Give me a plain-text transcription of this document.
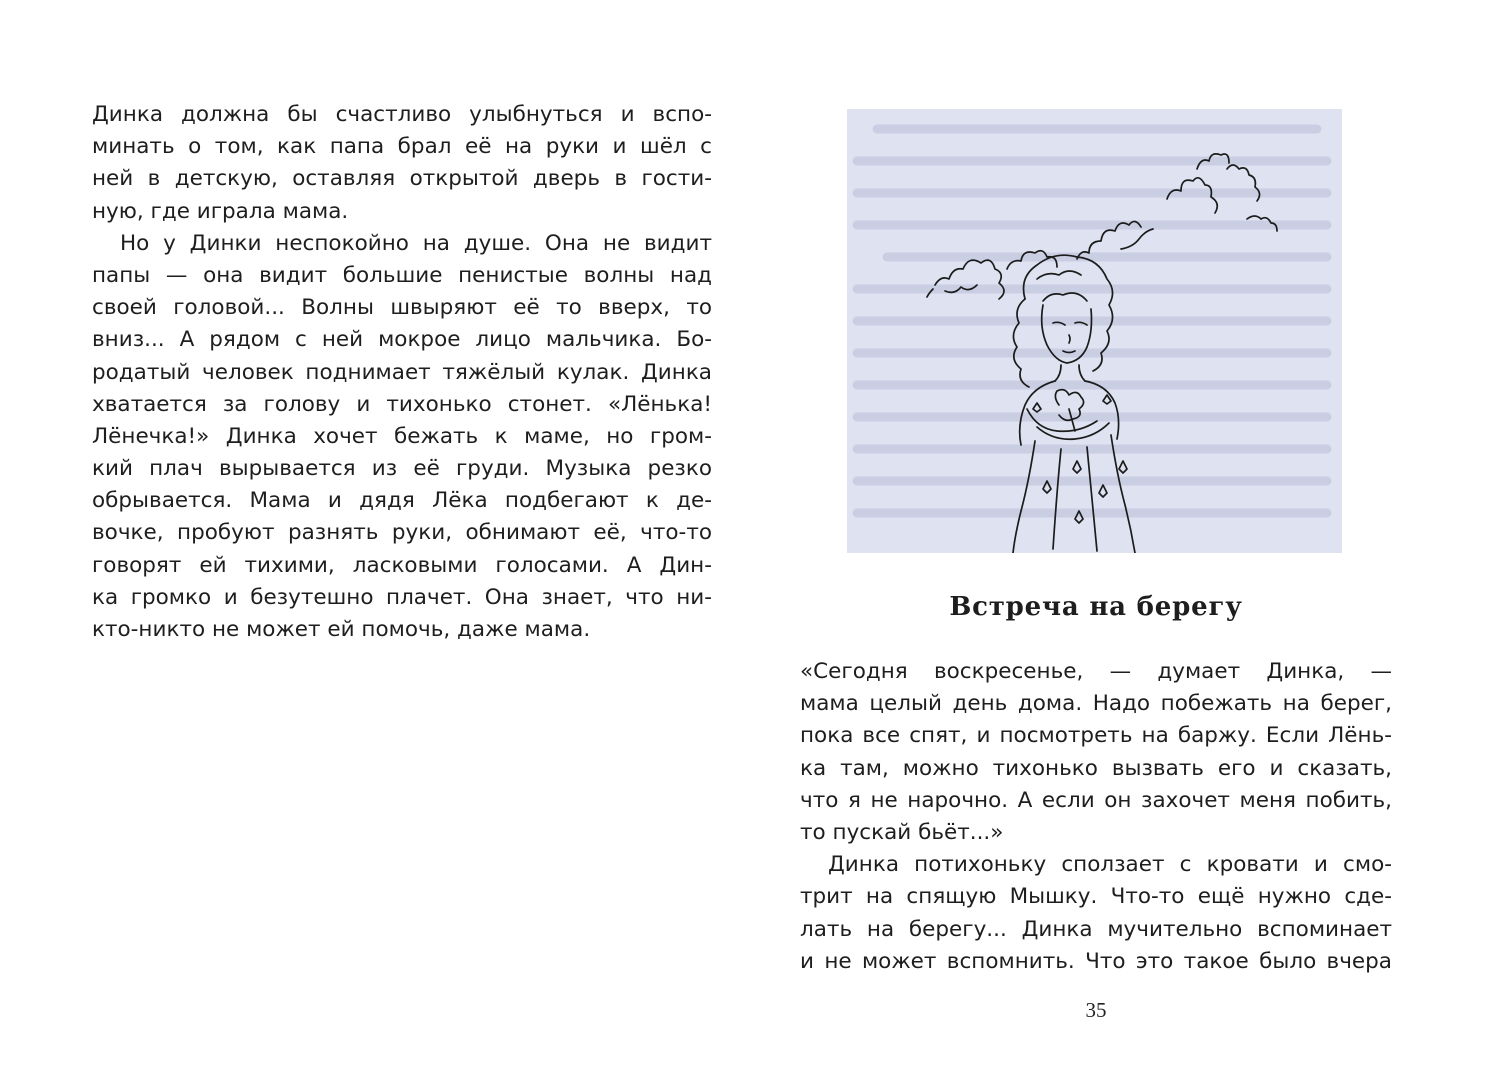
Динка должна бы счастливо улыбнуться и вспо-
минать о том, как папа брал её на руки и шёл с
ней в детскую, оставляя открытой дверь в гости-
ную, где играла мама.
Но у Динки неспокойно на душе. Она не видит
папы — она видит большие пенистые волны над
своей головой... Волны швыряют её то вверх, то
вниз... А рядом с ней мокрое лицо мальчика. Бо-
родатый человек поднимает тяжёлый кулак. Динка
хватается за голову и тихонько стонет. «Лёнька!
Лёнечка!» Динка хочет бежать к маме, но гром-
кий плач вырывается из её груди. Музыка резко
обрывается. Мама и дядя Лёка подбегают к де-
вочке, пробуют разнять руки, обнимают её, что-то
говорят ей тихими, ласковыми голосами. А Дин-
ка громко и безутешно плачет. Она знает, что ни-
кто-никто не может ей помочь, даже мама.
Встреча на берегу
«Сегодня воскресенье, — думает Динка, —
мама целый день дома. Надо побежать на берег,
пока все спят, и посмотреть на баржу. Если Лёнь-
ка там, можно тихонько вызвать его и сказать,
что я не нарочно. А если он захочет меня побить,
то пускай бьёт...»
Динка потихоньку сползает с кровати и смо-
трит на спящую Мышку. Что-то ещё нужно сде-
лать на берегу... Динка мучительно вспоминает
и не может вспомнить. Что это такое было вчера
35
